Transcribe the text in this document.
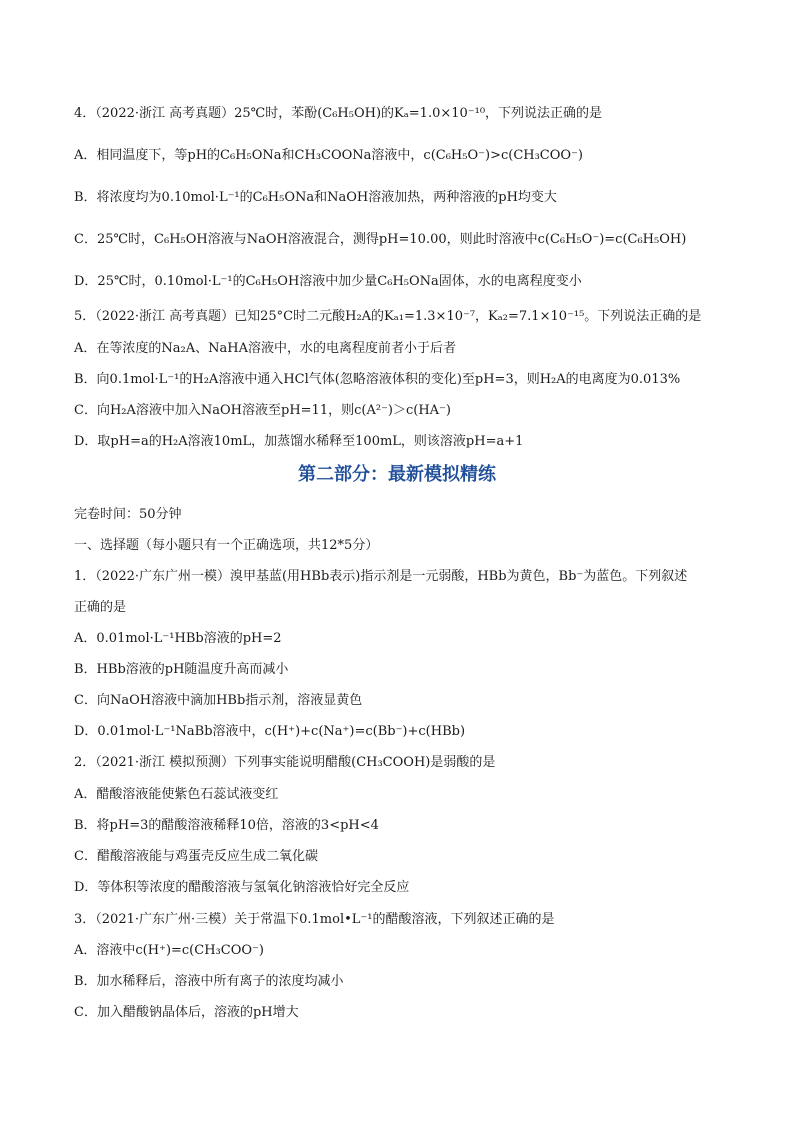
4．（2022·浙江 高考真题）25℃时，苯酚(C₆H₅OH)的Kₐ=1.0×10⁻¹⁰，下列说法正确的是
A．相同温度下，等pH的C₆H₅ONa和CH₃COONa溶液中，c(C₆H₅O⁻)>c(CH₃COO⁻)
B．将浓度均为0.10mol·L⁻¹的C₆H₅ONa和NaOH溶液加热，两种溶液的pH均变大
C．25℃时，C₆H₅OH溶液与NaOH溶液混合，测得pH=10.00，则此时溶液中c(C₆H₅O⁻)=c(C₆H₅OH)
D．25℃时，0.10mol·L⁻¹的C₆H₅OH溶液中加少量C₆H₅ONa固体，水的电离程度变小
5．（2022·浙江 高考真题）已知25°C时二元酸H₂A的Kₐ₁=1.3×10⁻⁷，Kₐ₂=7.1×10⁻¹⁵。下列说法正确的是
A．在等浓度的Na₂A、NaHA溶液中，水的电离程度前者小于后者
B．向0.1mol·L⁻¹的H₂A溶液中通入HCl气体(忽略溶液体积的变化)至pH=3，则H₂A的电离度为0.013%
C．向H₂A溶液中加入NaOH溶液至pH=11，则c(A²⁻)＞c(HA⁻)
D．取pH=a的H₂A溶液10mL，加蒸馏水稀释至100mL，则该溶液pH=a+1
第二部分：最新模拟精练
完卷时间：50分钟
一、选择题（每小题只有一个正确选项，共12*5分）
1．（2022·广东广州一模）溴甲基蓝(用HBb表示)指示剂是一元弱酸，HBb为黄色，Bb⁻为蓝色。下列叙述
正确的是
A．0.01mol·L⁻¹HBb溶液的pH=2
B．HBb溶液的pH随温度升高而减小
C．向NaOH溶液中滴加HBb指示剂，溶液显黄色
D．0.01mol·L⁻¹NaBb溶液中，c(H⁺)+c(Na⁺)=c(Bb⁻)+c(HBb)
2．（2021·浙江 模拟预测）下列事实能说明醋酸(CH₃COOH)是弱酸的是
A．醋酸溶液能使紫色石蕊试液变红
B．将pH=3的醋酸溶液稀释10倍，溶液的3<pH<4
C．醋酸溶液能与鸡蛋壳反应生成二氧化碳
D．等体积等浓度的醋酸溶液与氢氧化钠溶液恰好完全反应
3．（2021·广东广州·三模）关于常温下0.1mol•L⁻¹的醋酸溶液，下列叙述正确的是
A．溶液中c(H⁺)=c(CH₃COO⁻)
B．加水稀释后，溶液中所有离子的浓度均减小
C．加入醋酸钠晶体后，溶液的pH增大
